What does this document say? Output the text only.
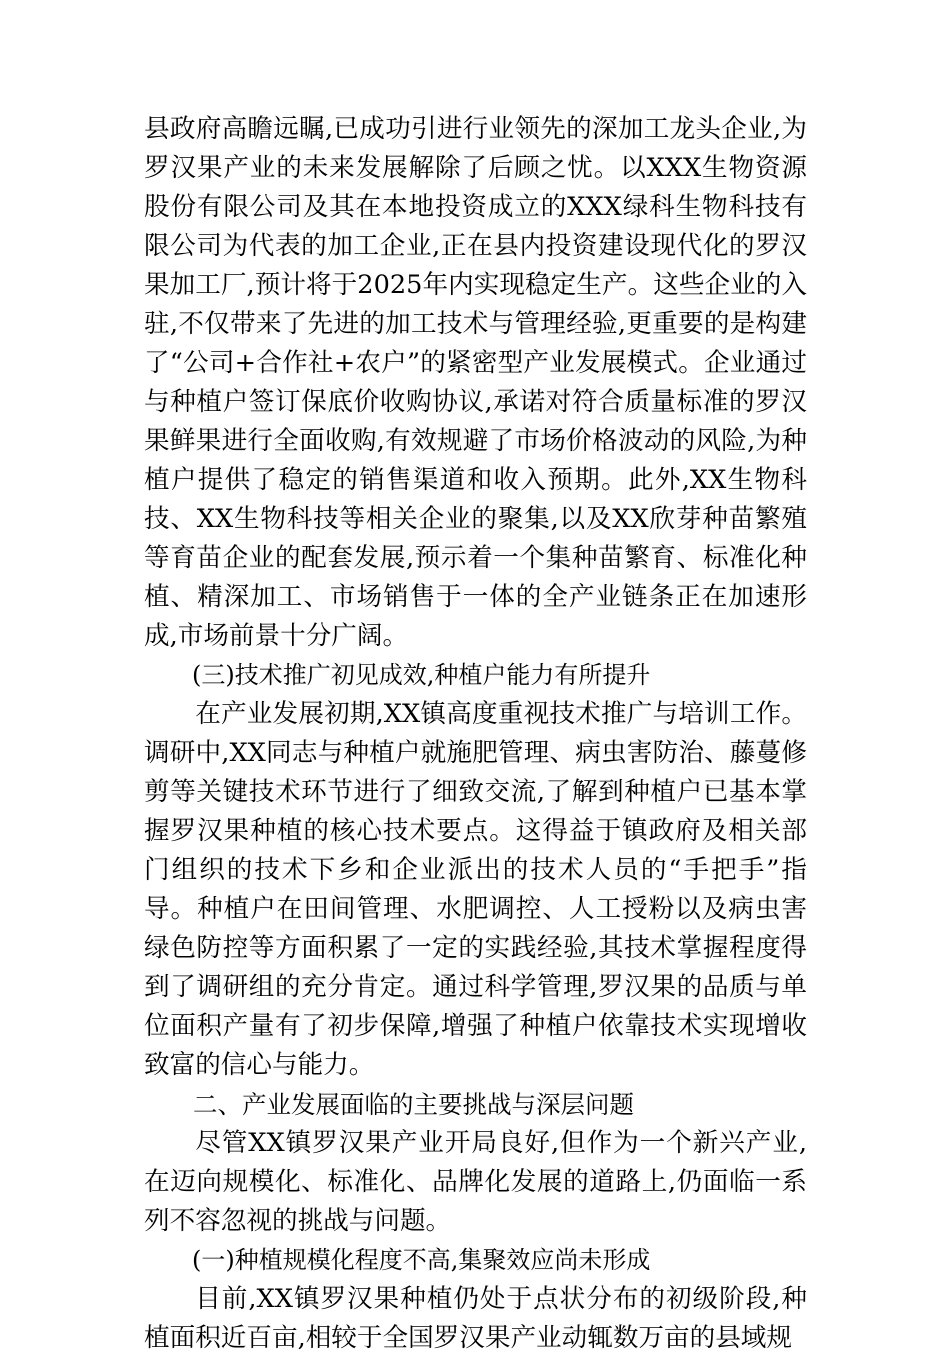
县政府高瞻远瞩,已成功引进行业领先的深加工龙头企业,为罗汉果产业的未来发展解除了后顾之忧。以XXX生物资源股份有限公司及其在本地投资成立的XXX绿科生物科技有限公司为代表的加工企业,正在县内投资建设现代化的罗汉果加工厂,预计将于2025年内实现稳定生产。这些企业的入驻,不仅带来了先进的加工技术与管理经验,更重要的是构建了“公司+合作社+农户”的紧密型产业发展模式。企业通过与种植户签订保底价收购协议,承诺对符合质量标准的罗汉果鲜果进行全面收购,有效规避了市场价格波动的风险,为种植户提供了稳定的销售渠道和收入预期。此外,XX生物科技、XX生物科技等相关企业的聚集,以及XX欣芽种苗繁殖等育苗企业的配套发展,预示着一个集种苗繁育、标准化种植、精深加工、市场销售于一体的全产业链条正在加速形成,市场前景十分广阔。

(三)技术推广初见成效,种植户能力有所提升

在产业发展初期,XX镇高度重视技术推广与培训工作。调研中,XX同志与种植户就施肥管理、病虫害防治、藤蔓修剪等关键技术环节进行了细致交流,了解到种植户已基本掌握罗汉果种植的核心技术要点。这得益于镇政府及相关部门组织的技术下乡和企业派出的技术人员的“手把手”指导。种植户在田间管理、水肥调控、人工授粉以及病虫害绿色防控等方面积累了一定的实践经验,其技术掌握程度得到了调研组的充分肯定。通过科学管理,罗汉果的品质与单位面积产量有了初步保障,增强了种植户依靠技术实现增收致富的信心与能力。

二、产业发展面临的主要挑战与深层问题

尽管XX镇罗汉果产业开局良好,但作为一个新兴产业,在迈向规模化、标准化、品牌化发展的道路上,仍面临一系列不容忽视的挑战与问题。

(一)种植规模化程度不高,集聚效应尚未形成

目前,XX镇罗汉果种植仍处于点状分布的初级阶段,种植面积近百亩,相较于全国罗汉果产业动辄数万亩的县域规
